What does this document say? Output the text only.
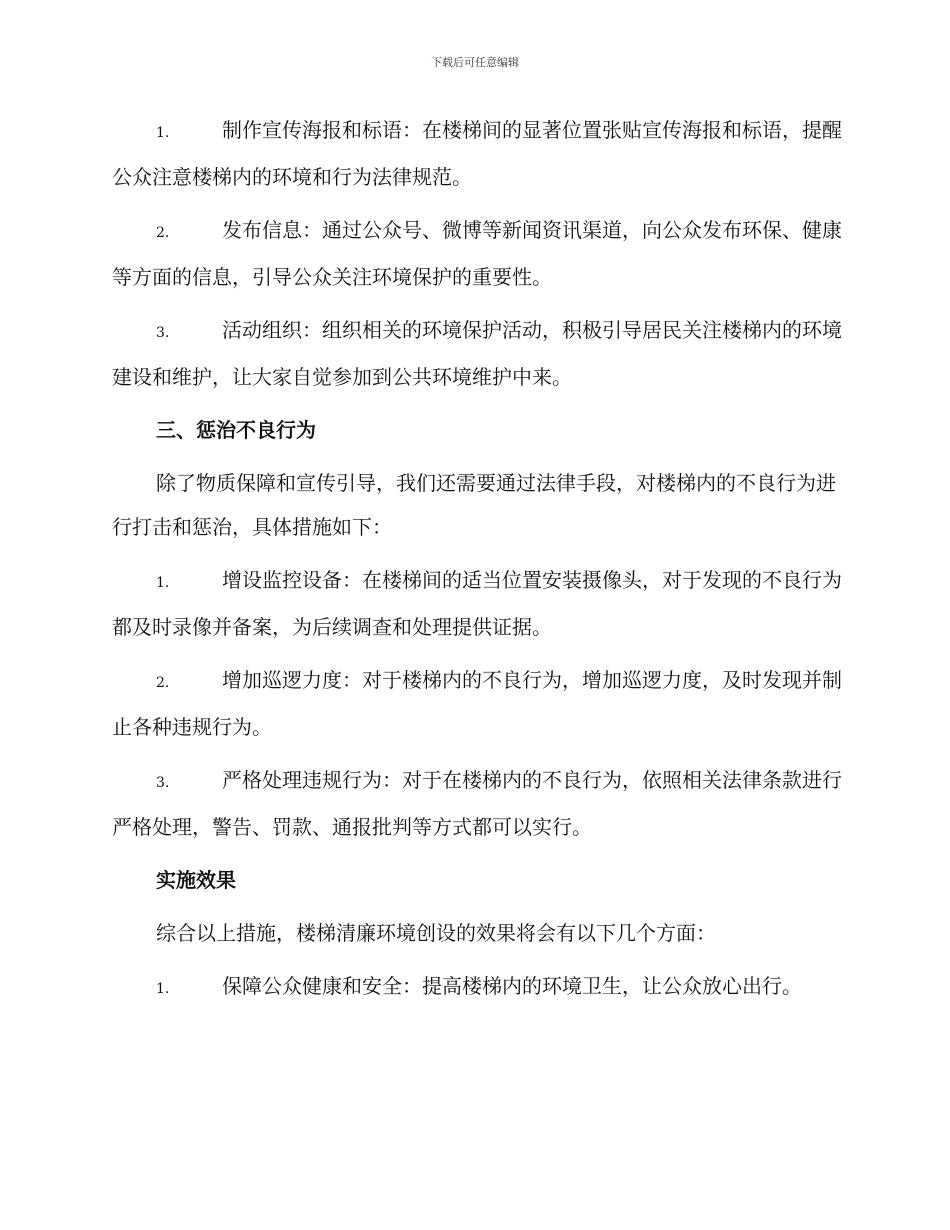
下载后可任意编辑

1.	制作宣传海报和标语：在楼梯间的显著位置张贴宣传海报和标语，提醒公众注意楼梯内的环境和行为法律规范。

2.	发布信息：通过公众号、微博等新闻资讯渠道，向公众发布环保、健康等方面的信息，引导公众关注环境保护的重要性。

3.	活动组织：组织相关的环境保护活动，积极引导居民关注楼梯内的环境建设和维护，让大家自觉参加到公共环境维护中来。

三、惩治不良行为

除了物质保障和宣传引导，我们还需要通过法律手段，对楼梯内的不良行为进行打击和惩治，具体措施如下：

1.	增设监控设备：在楼梯间的适当位置安装摄像头，对于发现的不良行为都及时录像并备案，为后续调查和处理提供证据。

2.	增加巡逻力度：对于楼梯内的不良行为，增加巡逻力度，及时发现并制止各种违规行为。

3.	严格处理违规行为：对于在楼梯内的不良行为，依照相关法律条款进行严格处理，警告、罚款、通报批判等方式都可以实行。

实施效果

综合以上措施，楼梯清廉环境创设的效果将会有以下几个方面：

1.	保障公众健康和安全：提高楼梯内的环境卫生，让公众放心出行。
